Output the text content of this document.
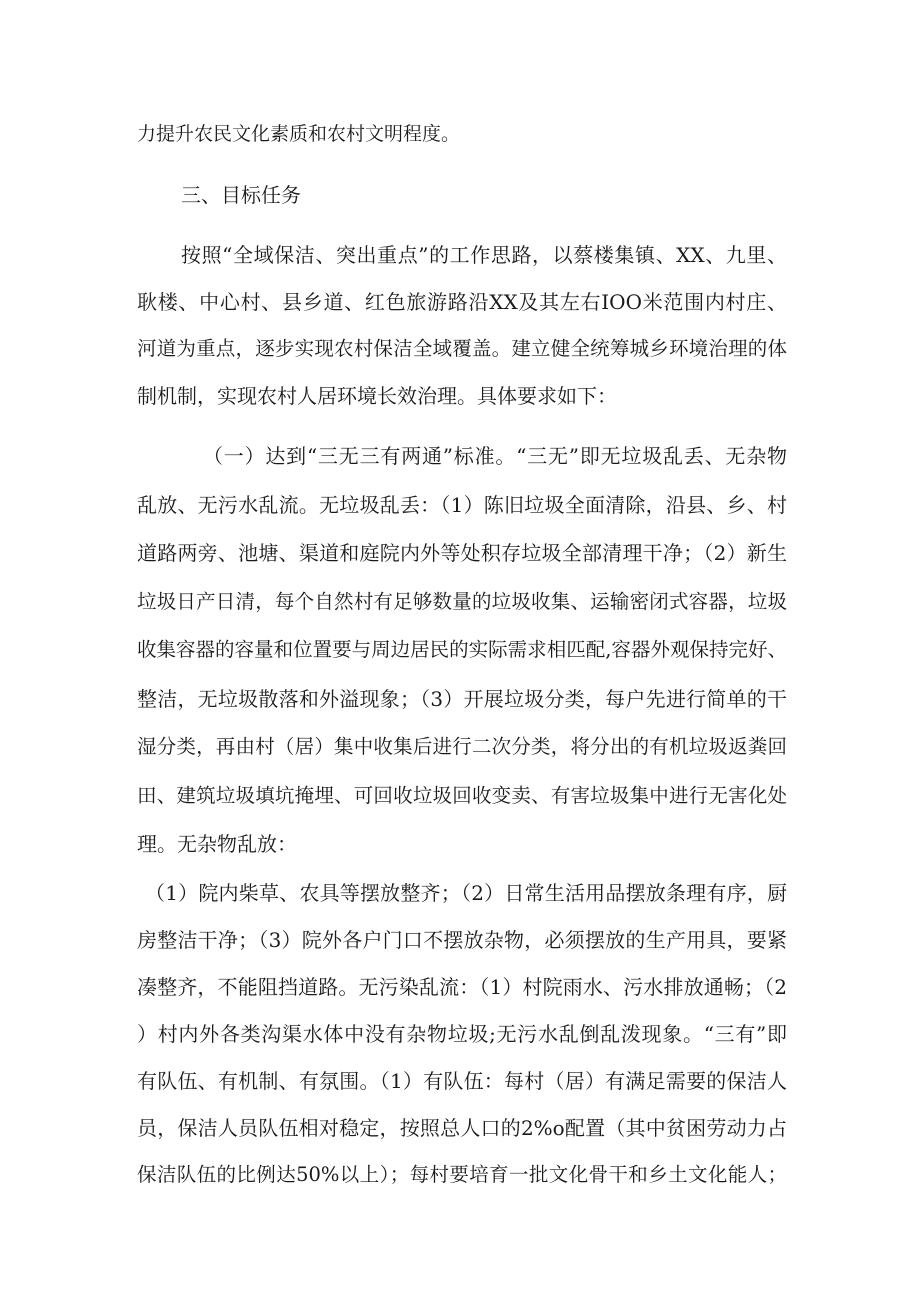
力提升农民文化素质和农村文明程度。
三、目标任务
按照“全域保洁、突出重点”的工作思路，以蔡楼集镇、XX、九里、
耿楼、中心村、县乡道、红色旅游路沿XX及其左右IOO米范围内村庄、
河道为重点，逐步实现农村保洁全域覆盖。建立健全统筹城乡环境治理的体
制机制，实现农村人居环境长效治理。具体要求如下：
（一）达到“三无三有两通”标准。“三无”即无垃圾乱丢、无杂物
乱放、无污水乱流。无垃圾乱丢：（1）陈旧垃圾全面清除，沿县、乡、村
道路两旁、池塘、渠道和庭院内外等处积存垃圾全部清理干净；（2）新生
垃圾日产日清，每个自然村有足够数量的垃圾收集、运输密闭式容器，垃圾
收集容器的容量和位置要与周边居民的实际需求相匹配,容器外观保持完好、
整洁，无垃圾散落和外溢现象；（3）开展垃圾分类，每户先进行简单的干
湿分类，再由村（居）集中收集后进行二次分类，将分出的有机垃圾返粪回
田、建筑垃圾填坑掩埋、可回收垃圾回收变卖、有害垃圾集中进行无害化处
理。无杂物乱放：
（1）院内柴草、农具等摆放整齐；（2）日常生活用品摆放条理有序，厨
房整洁干净；（3）院外各户门口不摆放杂物，必须摆放的生产用具，要紧
凑整齐，不能阻挡道路。无污染乱流：（1）村院雨水、污水排放通畅；（2
）村内外各类沟渠水体中没有杂物垃圾;无污水乱倒乱泼现象。“三有”即
有队伍、有机制、有氛围。（1）有队伍：每村（居）有满足需要的保洁人
员，保洁人员队伍相对稳定，按照总人口的2%o配置（其中贫困劳动力占
保洁队伍的比例达50%以上）；每村要培育一批文化骨干和乡土文化能人；
